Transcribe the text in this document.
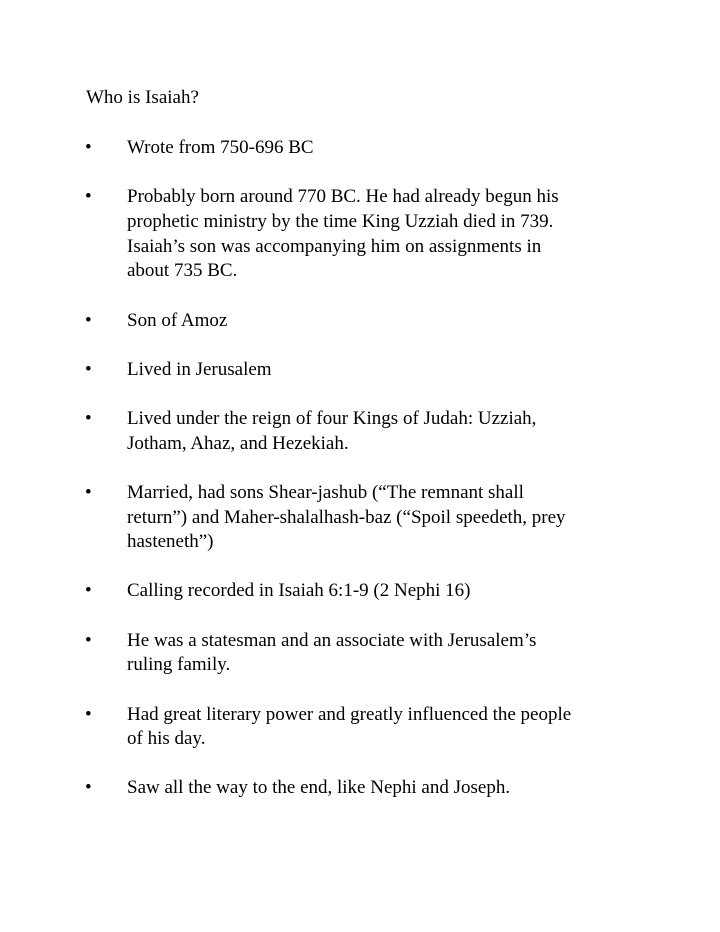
Who is Isaiah?
• Wrote from 750-696 BC
• Probably born around 770 BC. He had already begun his
prophetic ministry by the time King Uzziah died in 739.
Isaiah’s son was accompanying him on assignments in
about 735 BC.
• Son of Amoz
• Lived in Jerusalem
• Lived under the reign of four Kings of Judah: Uzziah,
Jotham, Ahaz, and Hezekiah.
• Married, had sons Shear-jashub (“The remnant shall
return”) and Maher-shalalhash-baz (“Spoil speedeth, prey
hasteneth”)
• Calling recorded in Isaiah 6:1-9 (2 Nephi 16)
• He was a statesman and an associate with Jerusalem’s
ruling family.
• Had great literary power and greatly influenced the people
of his day.
• Saw all the way to the end, like Nephi and Joseph.
